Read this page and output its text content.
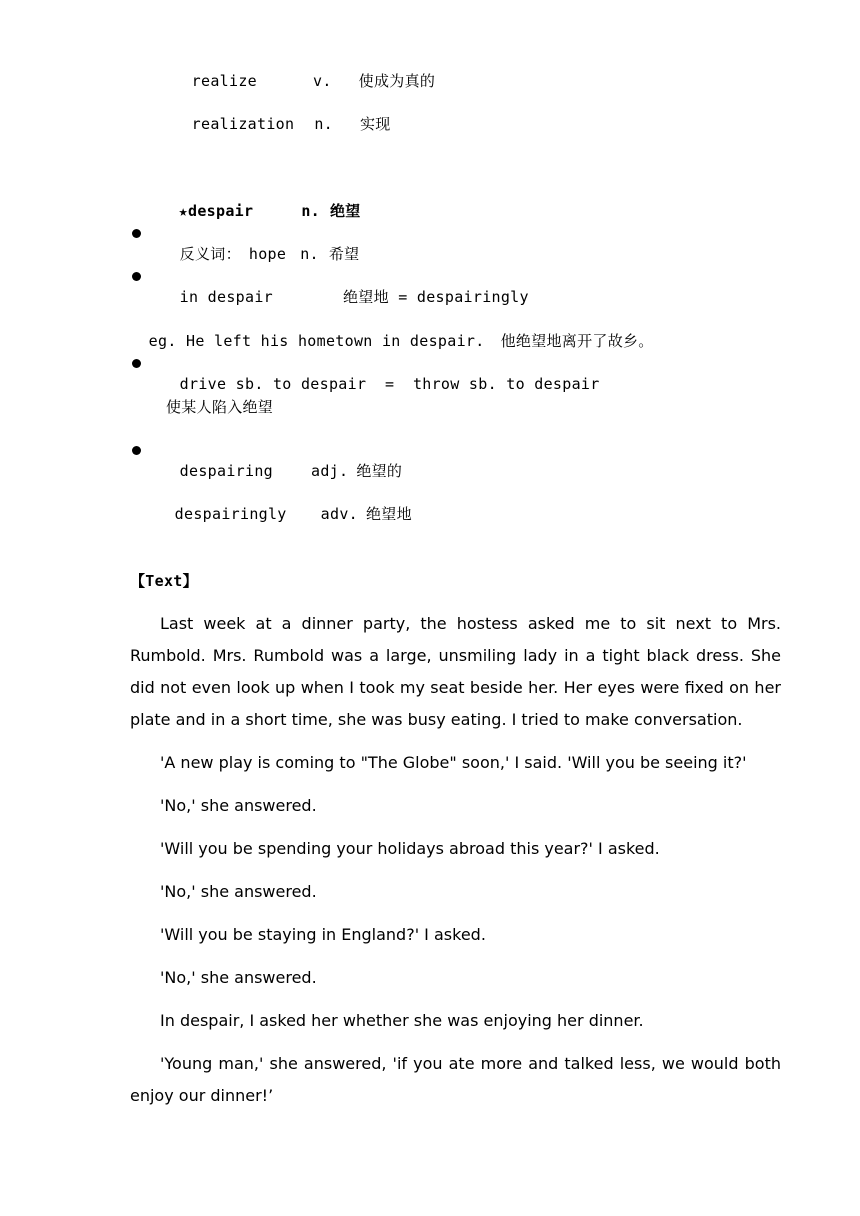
realize	v. 使成为真的

realization n. 实现

★despair	n. 绝望

反义词： hope n. 希望

in despair	绝望地 = despairingly

eg. He left his hometown in despair. 他绝望地离开了故乡。

drive sb. to despair  =  throw sb. to despair

使某人陷入绝望

despairing	adj. 绝望的

despairingly adv. 绝望地

【Text】

Last week at a dinner party, the hostess asked me to sit next to Mrs. Rumbold. Mrs. Rumbold was a large, unsmiling lady in a tight black dress. She did not even look up when I took my seat beside her. Her eyes were fixed on her plate and in a short time, she was busy eating. I tried to make conversation.

'A new play is coming to "The Globe" soon,' I said. 'Will you be seeing it?'

'No,' she answered.

'Will you be spending your holidays abroad this year?' I asked.

'No,' she answered.

'Will you be staying in England?' I asked.

'No,' she answered.

In despair, I asked her whether she was enjoying her dinner.

'Young man,' she answered, 'if you ate more and talked less, we would both enjoy our dinner!’
